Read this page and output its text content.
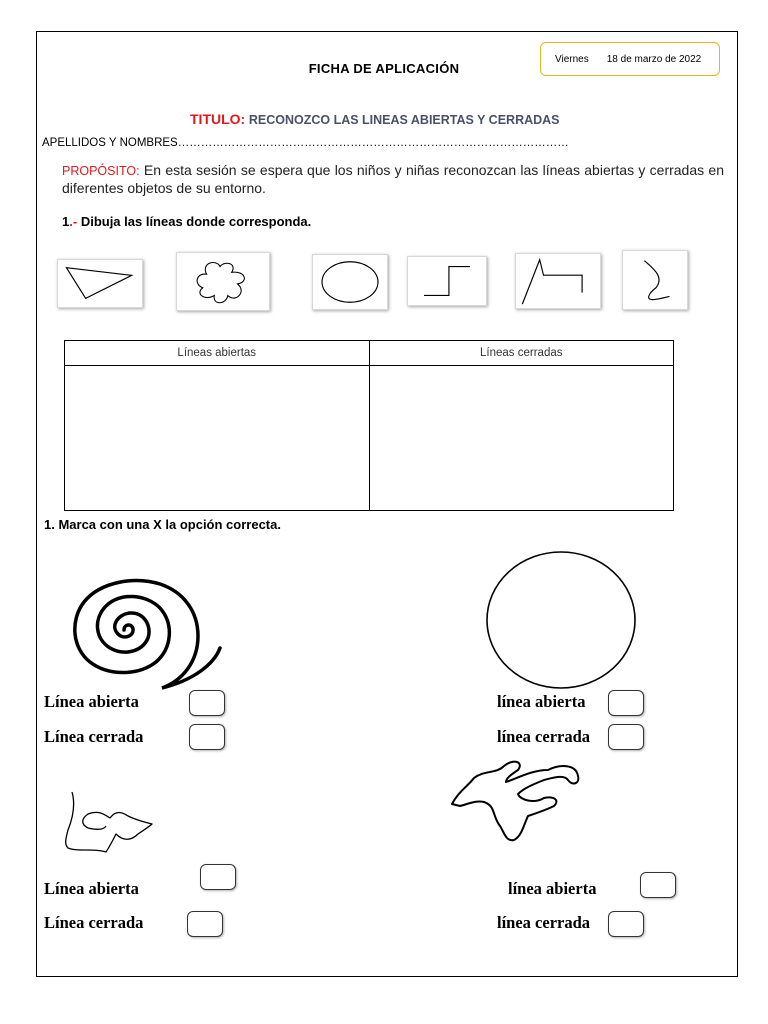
Viernes 18 de marzo de 2022
FICHA DE APLICACIÓN
TITULO: RECONOZCO LAS LINEAS ABIERTAS Y CERRADAS
APELLIDOS Y NOMBRES…………………………………………………………………………………………
PROPÓSITO: En esta sesión se espera que los niños y niñas reconozcan las líneas abiertas y cerradas en diferentes objetos de su entorno.
1.- Dibuja las líneas donde corresponda.
Líneas abiertas	Líneas cerradas

1. Marca con una X la opción correcta.
Línea abierta
Línea cerrada
línea abierta
línea cerrada
Línea abierta
Línea cerrada
línea abierta
línea cerrada
